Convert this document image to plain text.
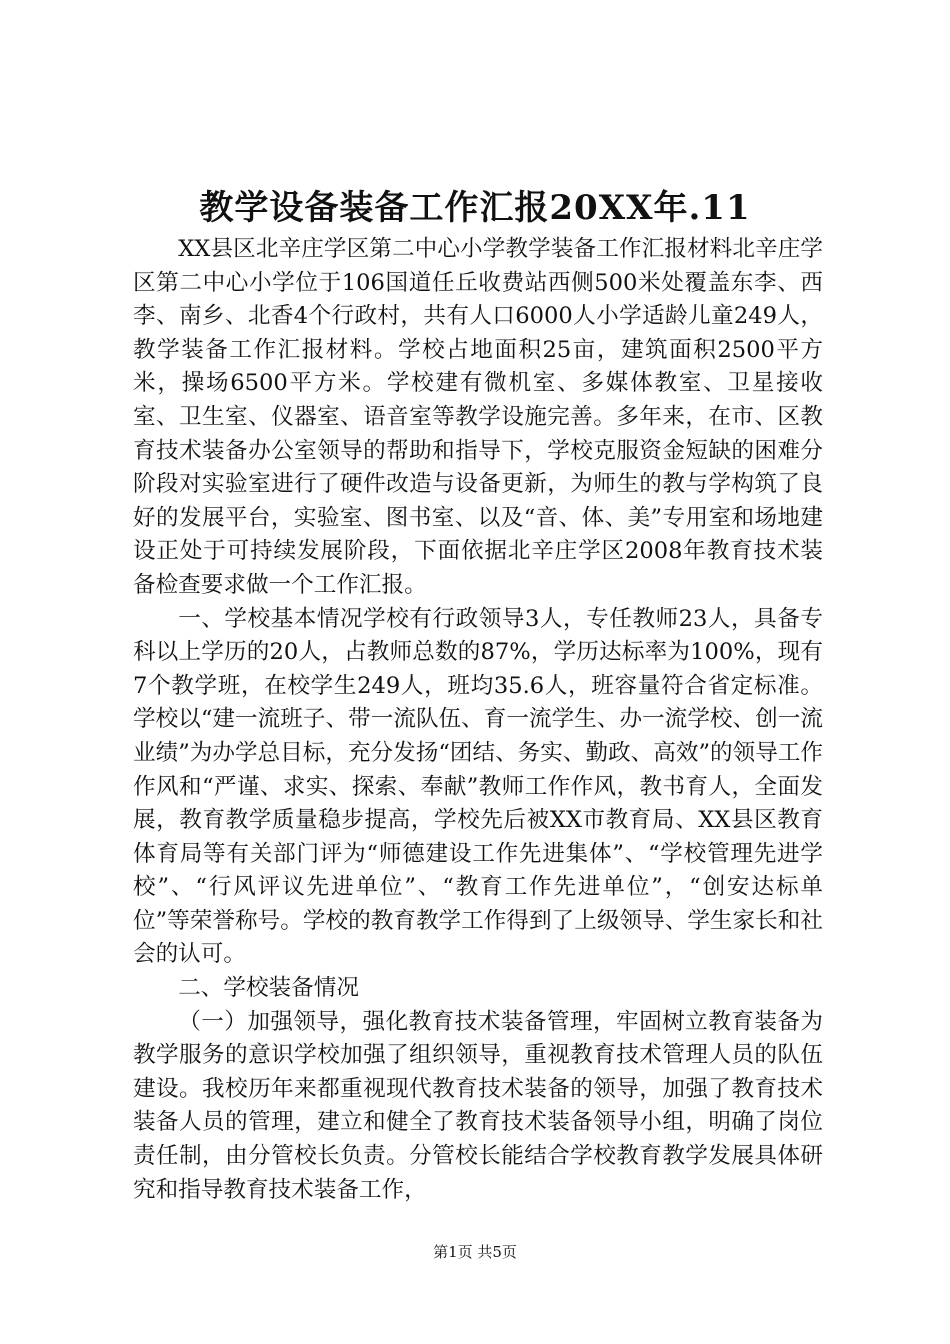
教学设备装备工作汇报20XX年.11

XX县区北辛庄学区第二中心小学教学装备工作汇报材料北辛庄学区第二中心小学位于106国道任丘收费站西侧500米处覆盖东李、西李、南乡、北香4个行政村，共有人口6000人小学适龄儿童249人，教学装备工作汇报材料。学校占地面积25亩，建筑面积2500平方米，操场6500平方米。学校建有微机室、多媒体教室、卫星接收室、卫生室、仪器室、语音室等教学设施完善。多年来，在市、区教育技术装备办公室领导的帮助和指导下，学校克服资金短缺的困难分阶段对实验室进行了硬件改造与设备更新，为师生的教与学构筑了良好的发展平台，实验室、图书室、以及“音、体、美”专用室和场地建设正处于可持续发展阶段，下面依据北辛庄学区2008年教育技术装备检查要求做一个工作汇报。

一、学校基本情况学校有行政领导3人，专任教师23人，具备专科以上学历的20人，占教师总数的87%，学历达标率为100%，现有7个教学班，在校学生249人，班均35.6人，班容量符合省定标准。学校以“建一流班子、带一流队伍、育一流学生、办一流学校、创一流业绩”为办学总目标，充分发扬“团结、务实、勤政、高效”的领导工作作风和“严谨、求实、探索、奉献”教师工作作风，教书育人，全面发展，教育教学质量稳步提高，学校先后被XX市教育局、XX县区教育体育局等有关部门评为“师德建设工作先进集体”、“学校管理先进学校”、“行风评议先进单位”、“教育工作先进单位”，“创安达标单位”等荣誉称号。学校的教育教学工作得到了上级领导、学生家长和社会的认可。

二、学校装备情况

（一）加强领导，强化教育技术装备管理，牢固树立教育装备为教学服务的意识学校加强了组织领导，重视教育技术管理人员的队伍建设。我校历年来都重视现代教育技术装备的领导，加强了教育技术装备人员的管理，建立和健全了教育技术装备领导小组，明确了岗位责任制，由分管校长负责。分管校长能结合学校教育教学发展具体研究和指导教育技术装备工作，

第1页 共5页
